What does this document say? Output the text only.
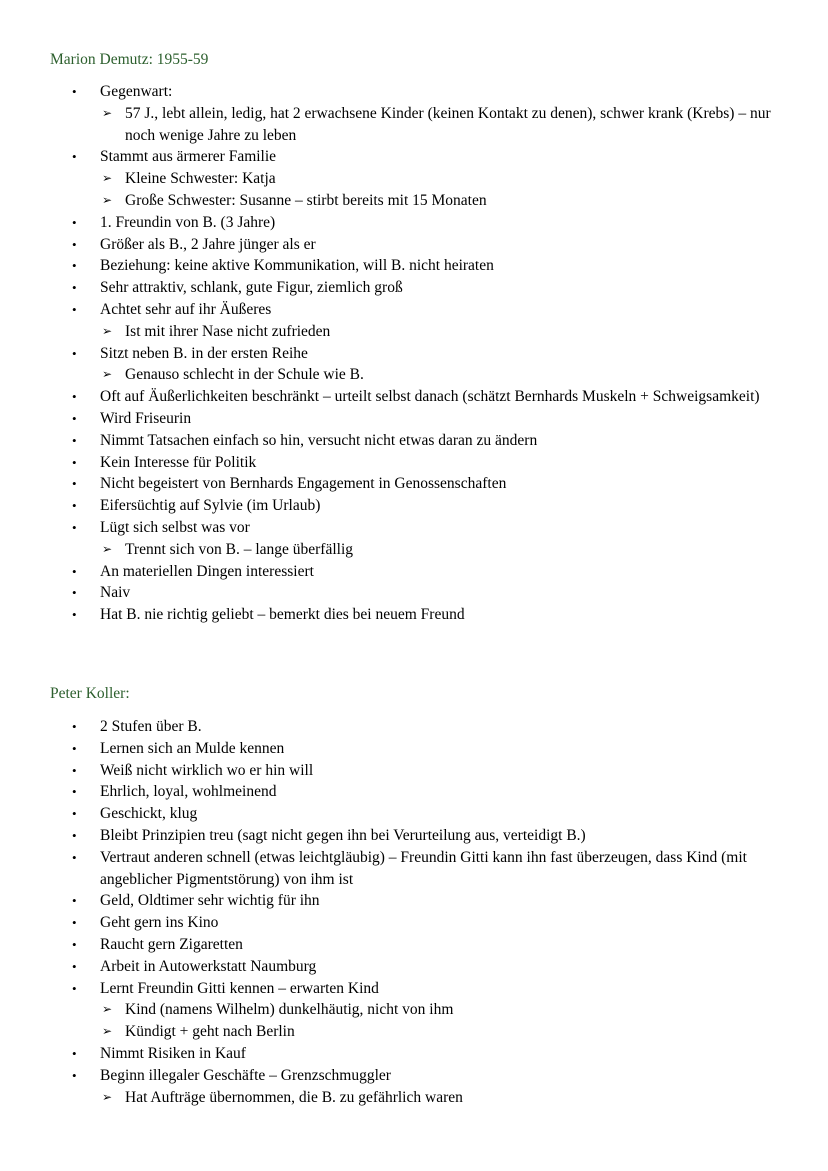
Marion Demutz: 1955-59
• Gegenwart:
➢ 57 J., lebt allein, ledig, hat 2 erwachsene Kinder (keinen Kontakt zu denen), schwer krank (Krebs) – nur noch wenige Jahre zu leben
• Stammt aus ärmerer Familie
➢ Kleine Schwester: Katja
➢ Große Schwester: Susanne – stirbt bereits mit 15 Monaten
• 1. Freundin von B. (3 Jahre)
• Größer als B., 2 Jahre jünger als er
• Beziehung: keine aktive Kommunikation, will B. nicht heiraten
• Sehr attraktiv, schlank, gute Figur, ziemlich groß
• Achtet sehr auf ihr Äußeres
➢ Ist mit ihrer Nase nicht zufrieden
• Sitzt neben B. in der ersten Reihe
➢ Genauso schlecht in der Schule wie B.
• Oft auf Äußerlichkeiten beschränkt – urteilt selbst danach (schätzt Bernhards Muskeln + Schweigsamkeit)
• Wird Friseurin
• Nimmt Tatsachen einfach so hin, versucht nicht etwas daran zu ändern
• Kein Interesse für Politik
• Nicht begeistert von Bernhards Engagement in Genossenschaften
• Eifersüchtig auf Sylvie (im Urlaub)
• Lügt sich selbst was vor
➢ Trennt sich von B. – lange überfällig
• An materiellen Dingen interessiert
• Naiv
• Hat B. nie richtig geliebt – bemerkt dies bei neuem Freund
Peter Koller:
• 2 Stufen über B.
• Lernen sich an Mulde kennen
• Weiß nicht wirklich wo er hin will
• Ehrlich, loyal, wohlmeinend
• Geschickt, klug
• Bleibt Prinzipien treu (sagt nicht gegen ihn bei Verurteilung aus, verteidigt B.)
• Vertraut anderen schnell (etwas leichtgläubig) – Freundin Gitti kann ihn fast überzeugen, dass Kind (mit angeblicher Pigmentstörung) von ihm ist
• Geld, Oldtimer sehr wichtig für ihn
• Geht gern ins Kino
• Raucht gern Zigaretten
• Arbeit in Autowerkstatt Naumburg
• Lernt Freundin Gitti kennen – erwarten Kind
➢ Kind (namens Wilhelm) dunkelhäutig, nicht von ihm
➢ Kündigt + geht nach Berlin
• Nimmt Risiken in Kauf
• Beginn illegaler Geschäfte – Grenzschmuggler
➢ Hat Aufträge übernommen, die B. zu gefährlich waren
